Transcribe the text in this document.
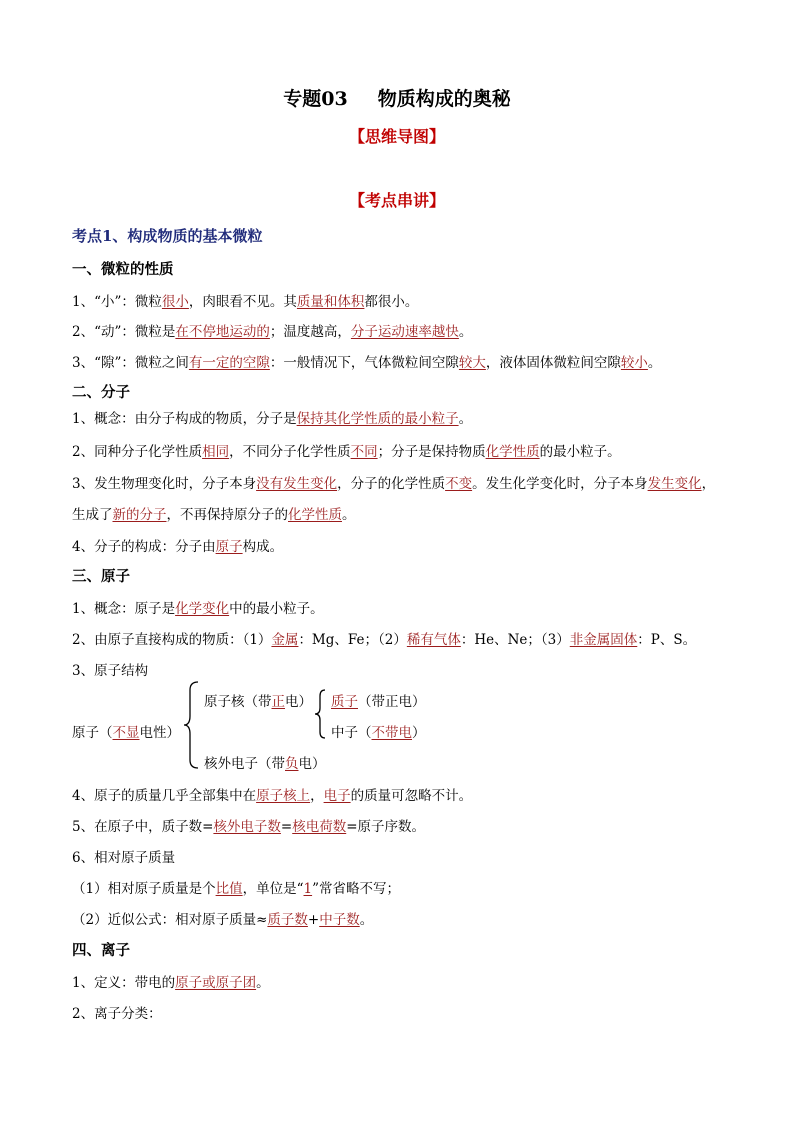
专题03 物质构成的奥秘
【思维导图】
【考点串讲】
考点1、构成物质的基本微粒
一、微粒的性质
1、“小”：微粒很小，肉眼看不见。其质量和体积都很小。
2、“动”：微粒是在不停地运动的；温度越高，分子运动速率越快。
3、“隙”：微粒之间有一定的空隙：一般情况下，气体微粒间空隙较大，液体固体微粒间空隙较小。
二、分子
1、概念：由分子构成的物质，分子是保持其化学性质的最小粒子。
2、同种分子化学性质相同，不同分子化学性质不同；分子是保持物质化学性质的最小粒子。
3、发生物理变化时，分子本身没有发生变化，分子的化学性质不变。发生化学变化时，分子本身发生变化，
生成了新的分子，不再保持原分子的化学性质。
4、分子的构成：分子由原子构成。
三、原子
1、概念：原子是化学变化中的最小粒子。
2、由原子直接构成的物质：（1）金属：Mg、Fe；（2）稀有气体：He、Ne；（3）非金属固体：P、S。
3、原子结构
原子（不显电性）
原子核（带正电）
核外电子（带负电）
质子（带正电）
中子（不带电）
4、原子的质量几乎全部集中在原子核上，电子的质量可忽略不计。
5、在原子中，质子数=核外电子数=核电荷数=原子序数。
6、相对原子质量
（1）相对原子质量是个比值，单位是“1”常省略不写；
（2）近似公式：相对原子质量≈质子数+中子数。
四、离子
1、定义：带电的原子或原子团。
2、离子分类：
